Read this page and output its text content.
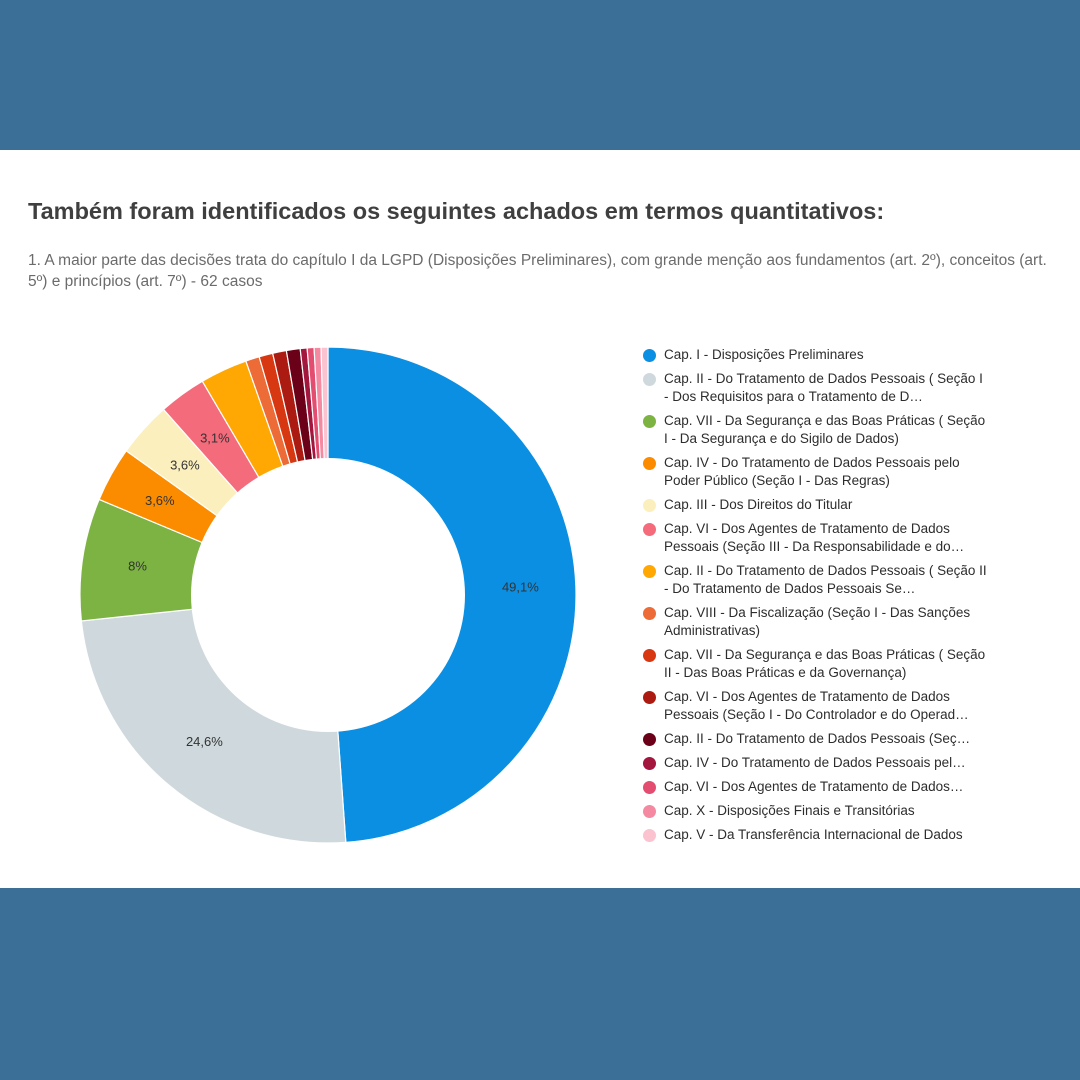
Também foram identificados os seguintes achados em termos quantitativos:

1. A maior parte das decisões trata do capítulo I da LGPD (Disposições Preliminares), com grande menção aos fundamentos (art. 2º), conceitos (art. 5º) e princípios (art. 7º) - 62 casos

49,1%
24,6%
8%
3,6%
3,6%
3,1%
Cap. I - Disposições Preliminares
Cap. II - Do Tratamento de Dados Pessoais ( Seção I - Dos Requisitos para o Tratamento de D…
Cap. VII - Da Segurança e das Boas Práticas ( Seção I - Da Segurança e do Sigilo de Dados)
Cap. IV - Do Tratamento de Dados Pessoais pelo Poder Público (Seção I - Das Regras)
Cap. III - Dos Direitos do Titular
Cap. VI - Dos Agentes de Tratamento de Dados Pessoais (Seção III - Da Responsabilidade e do…
Cap. II - Do Tratamento de Dados Pessoais ( Seção II - Do Tratamento de Dados Pessoais Se…
Cap. VIII - Da Fiscalização (Seção I - Das Sanções Administrativas)
Cap. VII - Da Segurança e das Boas Práticas ( Seção II - Das Boas Práticas e da Governança)
Cap. VI - Dos Agentes de Tratamento de Dados Pessoais (Seção I - Do Controlador e do Operad…
Cap. II - Do Tratamento de Dados Pessoais (Seç…
Cap. IV - Do Tratamento de Dados Pessoais pel…
Cap. VI - Dos Agentes de Tratamento de Dados…
Cap. X - Disposições Finais e Transitórias
Cap. V - Da Transferência Internacional de Dados
